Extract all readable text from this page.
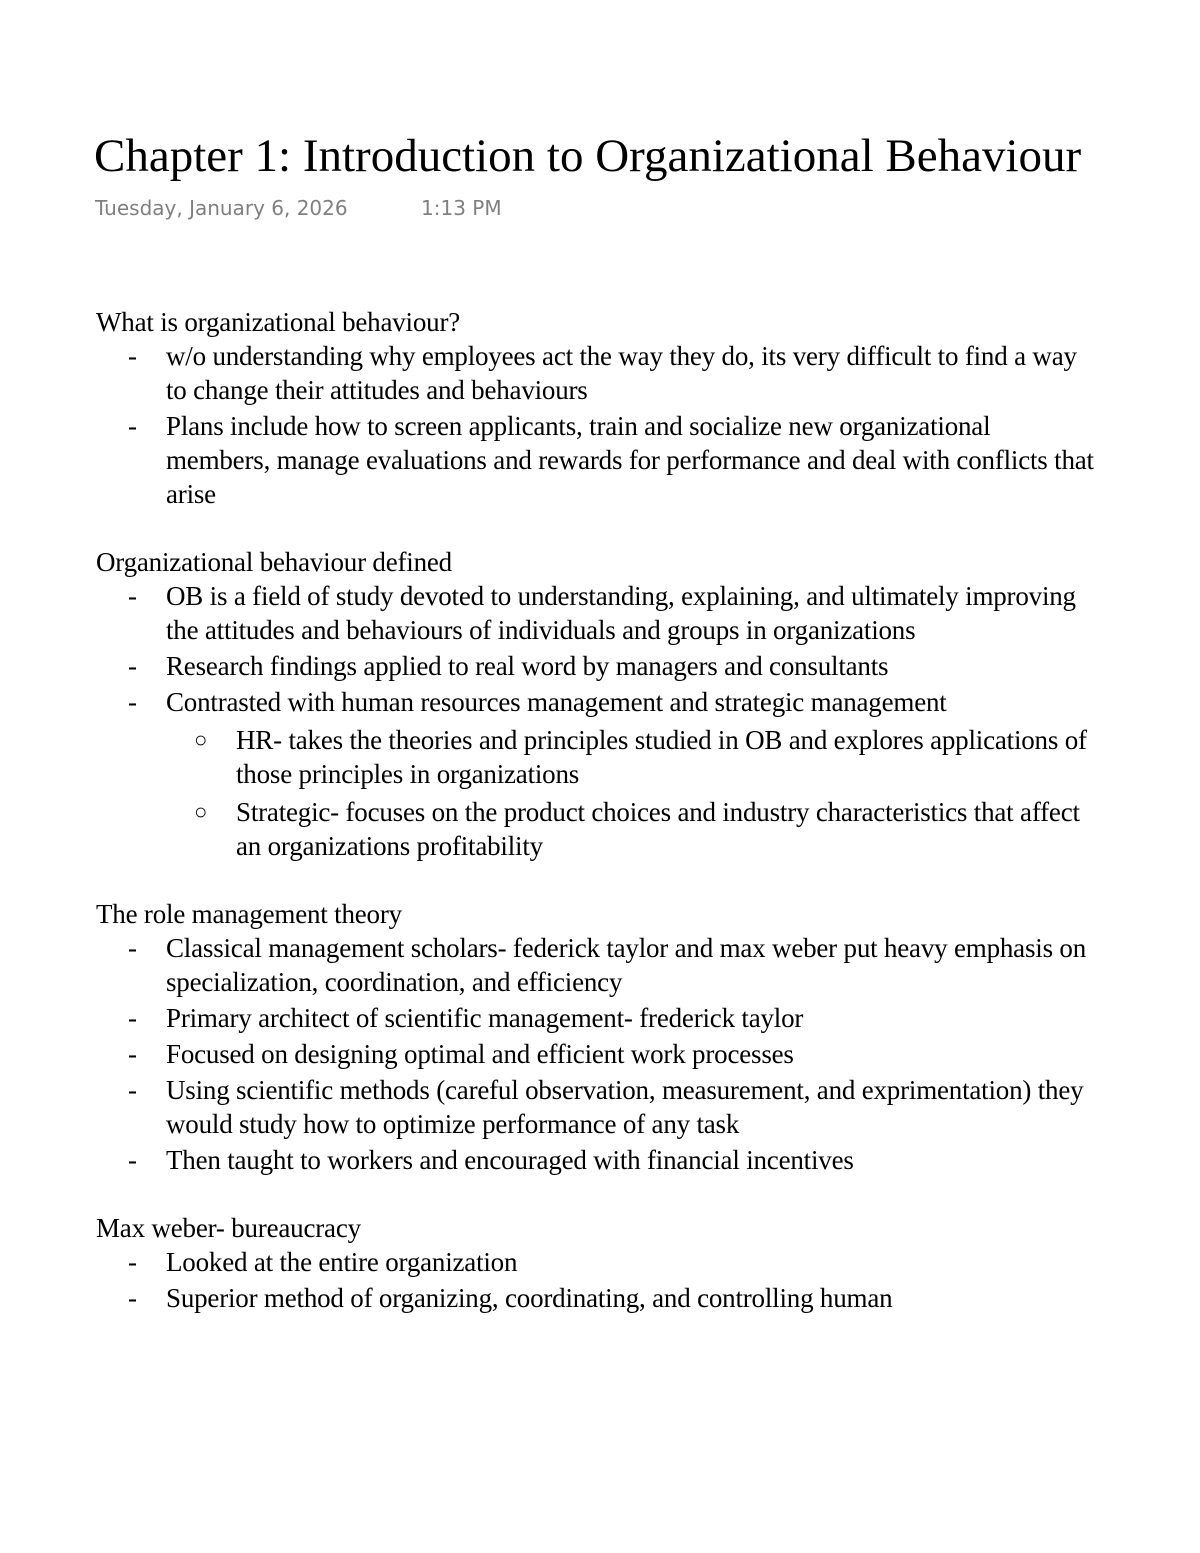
Chapter 1: Introduction to Organizational Behaviour
Tuesday, January 6, 2026	1:13 PM

What is organizational behaviour?

-	w/o understanding why employees act the way they do, its very difficult to find a way to change their attitudes and behaviours
-	Plans include how to screen applicants, train and socialize new organizational members, manage evaluations and rewards for performance and deal with conflicts that arise

Organizational behaviour defined

-	OB is a field of study devoted to understanding, explaining, and ultimately improving the attitudes and behaviours of individuals and groups in organizations
-	Research findings applied to real word by managers and consultants
-	Contrasted with human resources management and strategic management
○ HR- takes the theories and principles studied in OB and explores applications of those principles in organizations
○ Strategic- focuses on the product choices and industry characteristics that affect an organizations profitability

The role management theory

-	Classical management scholars- federick taylor and max weber put heavy emphasis on specialization, coordination, and efficiency
-	Primary architect of scientific management- frederick taylor
-	Focused on designing optimal and efficient work processes
-	Using scientific methods (careful observation, measurement, and exprimentation) they would study how to optimize performance of any task
-	Then taught to workers and encouraged with financial incentives

Max weber- bureaucracy

-	Looked at the entire organization
-	Superior method of organizing, coordinating, and controlling human
